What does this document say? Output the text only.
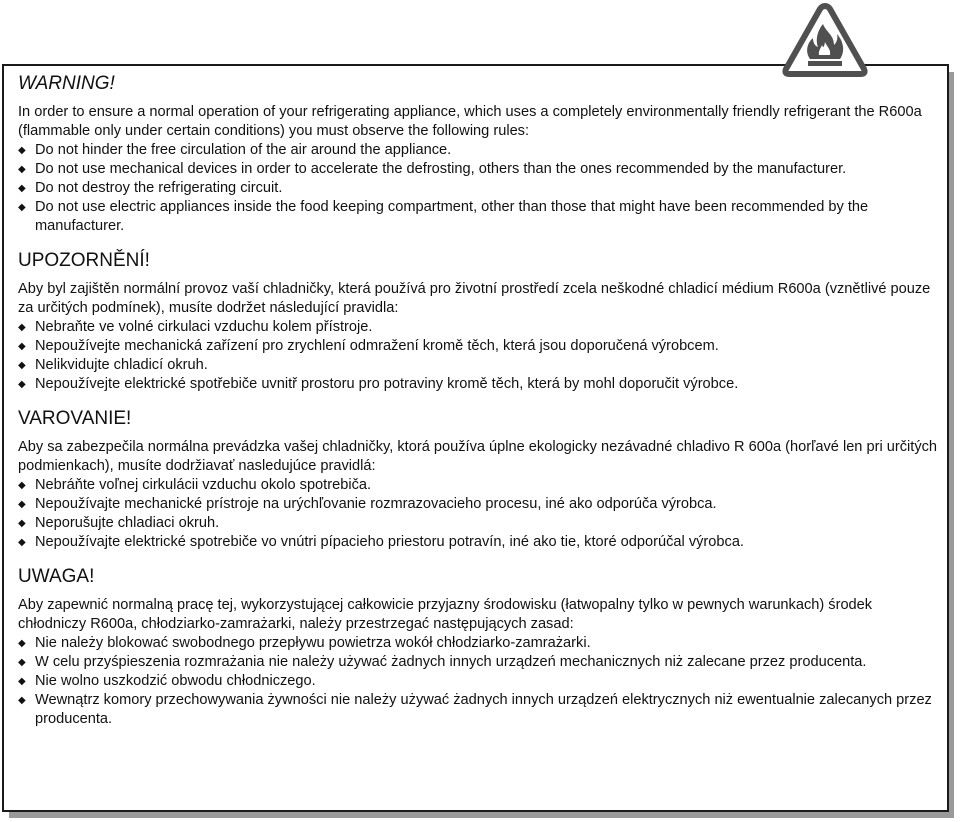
WARNING!

In order to ensure a normal operation of your refrigerating appliance, which uses a completely environmentally friendly refrigerant the R600a (flammable only under certain conditions) you must observe the following rules:

◆ Do not hinder the free circulation of the air around the appliance.
◆ Do not use mechanical devices in order to accelerate the defrosting, others than the ones recommended by the manufacturer.
◆ Do not destroy the refrigerating circuit.
◆ Do not use electric appliances inside the food keeping compartment, other than those that might have been recommended by the manufacturer.
UPOZORNĚNÍ!

Aby byl zajištěn normální provoz vaší chladničky, která používá pro životní prostředí zcela neškodné chladicí médium R600a (vznětlivé pouze za určitých podmínek), musíte dodržet následující pravidla:

◆ Nebraňte ve volné cirkulaci vzduchu kolem přístroje.
◆ Nepoužívejte mechanická zařízení pro zrychlení odmražení kromě těch, která jsou doporučená výrobcem.
◆ Nelikvidujte chladicí okruh.
◆ Nepoužívejte elektrické spotřebiče uvnitř prostoru pro potraviny kromě těch, která by mohl doporučit výrobce.
VAROVANIE!

Aby sa zabezpečila normálna prevádzka vašej chladničky, ktorá používa úplne ekologicky nezávadné chladivo R 600a (horľavé len pri určitých podmienkach), musíte dodržiavať nasledujúce pravidlá:

◆ Nebráňte voľnej cirkulácii vzduchu okolo spotrebiča.
◆ Nepoužívajte mechanické prístroje na urýchľovanie rozmrazovacieho procesu, iné ako odporúča výrobca.
◆ Neporušujte chladiaci okruh.
◆ Nepoužívajte elektrické spotrebiče vo vnútri pípacieho priestoru potravín, iné ako tie, ktoré odporúčal výrobca.
UWAGA!

Aby zapewnić normalną pracę tej, wykorzystującej całkowicie przyjazny środowisku (łatwopalny tylko w pewnych warunkach) środek chłodniczy R600a, chłodziarko-zamrażarki, należy przestrzegać następujących zasad:

◆ Nie należy blokować swobodnego przepływu powietrza wokół chłodziarko-zamrażarki.
◆ W celu przyśpieszenia rozmrażania nie należy używać żadnych innych urządzeń mechanicznych niż zalecane przez producenta.
◆ Nie wolno uszkodzić obwodu chłodniczego.
◆ Wewnątrz komory przechowywania żywności nie należy używać żadnych innych urządzeń elektrycznych niż ewentualnie zalecanych przez producenta.
